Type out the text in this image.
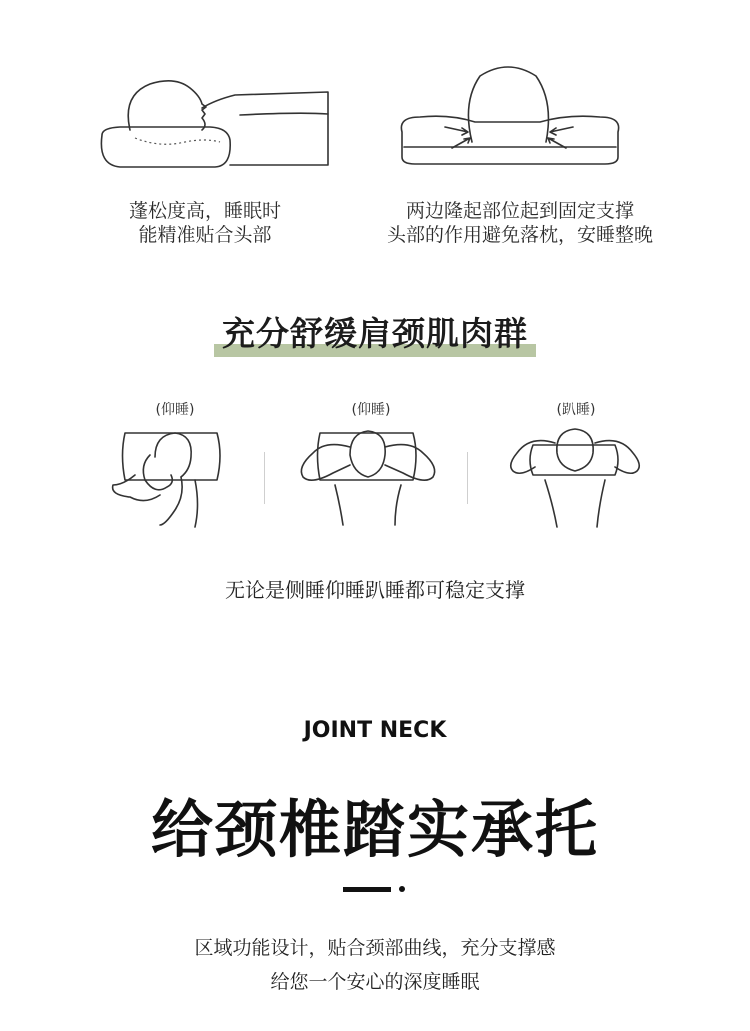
蓬松度高，睡眠时
能精准贴合头部
两边隆起部位起到固定支撑
头部的作用避免落枕，安睡整晚
充分舒缓肩颈肌肉群
(仰睡)	(仰睡)	(趴睡)
无论是侧睡仰睡趴睡都可稳定支撑
JOINT NECK
给颈椎踏实承托
区域功能设计，贴合颈部曲线，充分支撑感
给您一个安心的深度睡眠
